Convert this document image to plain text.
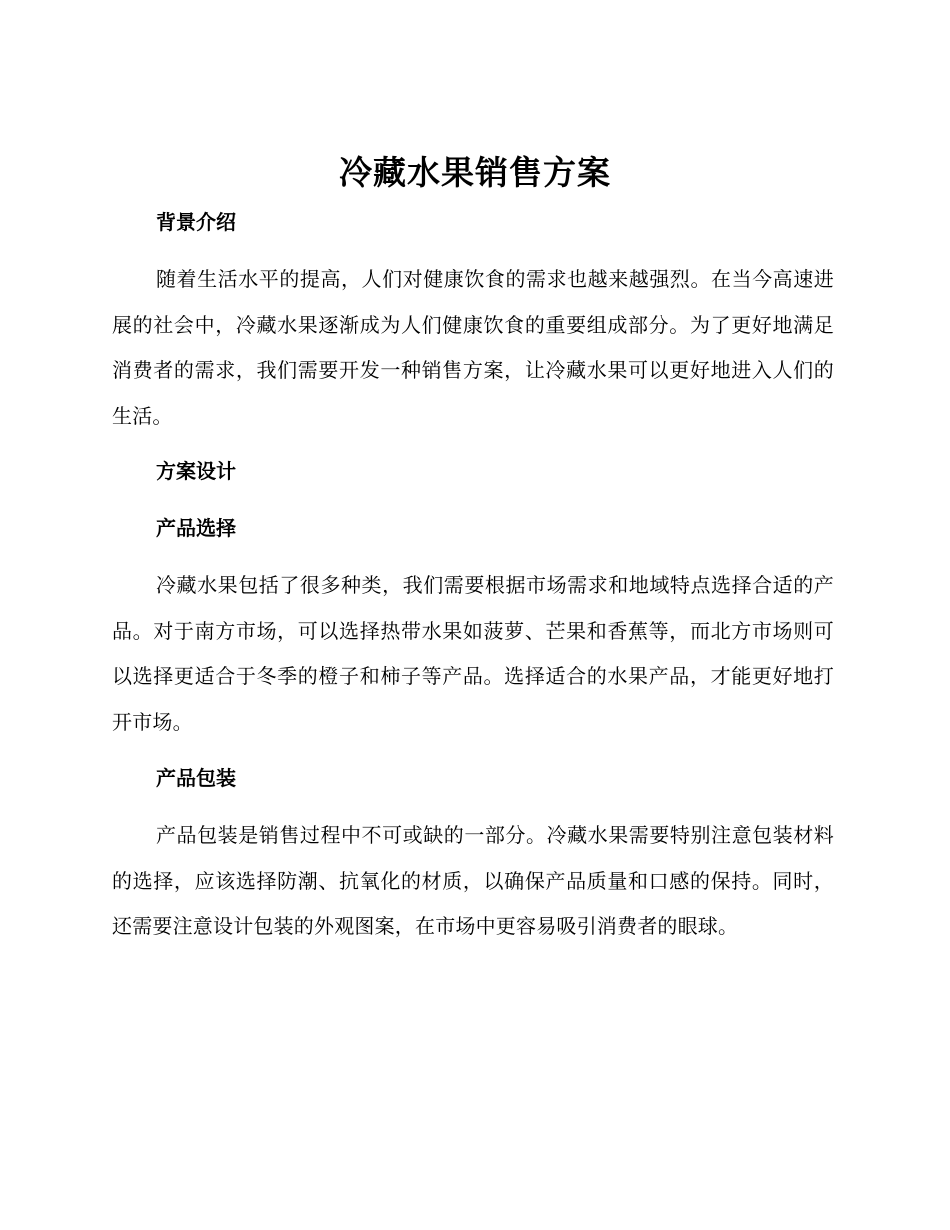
冷藏水果销售方案
背景介绍

随着生活水平的提高，人们对健康饮食的需求也越来越强烈。在当今高速进展的社会中，冷藏水果逐渐成为人们健康饮食的重要组成部分。为了更好地满足消费者的需求，我们需要开发一种销售方案，让冷藏水果可以更好地进入人们的生活。

方案设计
产品选择

冷藏水果包括了很多种类，我们需要根据市场需求和地域特点选择合适的产品。对于南方市场，可以选择热带水果如菠萝、芒果和香蕉等，而北方市场则可以选择更适合于冬季的橙子和柿子等产品。选择适合的水果产品，才能更好地打开市场。

产品包装

产品包装是销售过程中不可或缺的一部分。冷藏水果需要特别注意包装材料的选择，应该选择防潮、抗氧化的材质，以确保产品质量和口感的保持。同时，还需要注意设计包装的外观图案，在市场中更容易吸引消费者的眼球。
